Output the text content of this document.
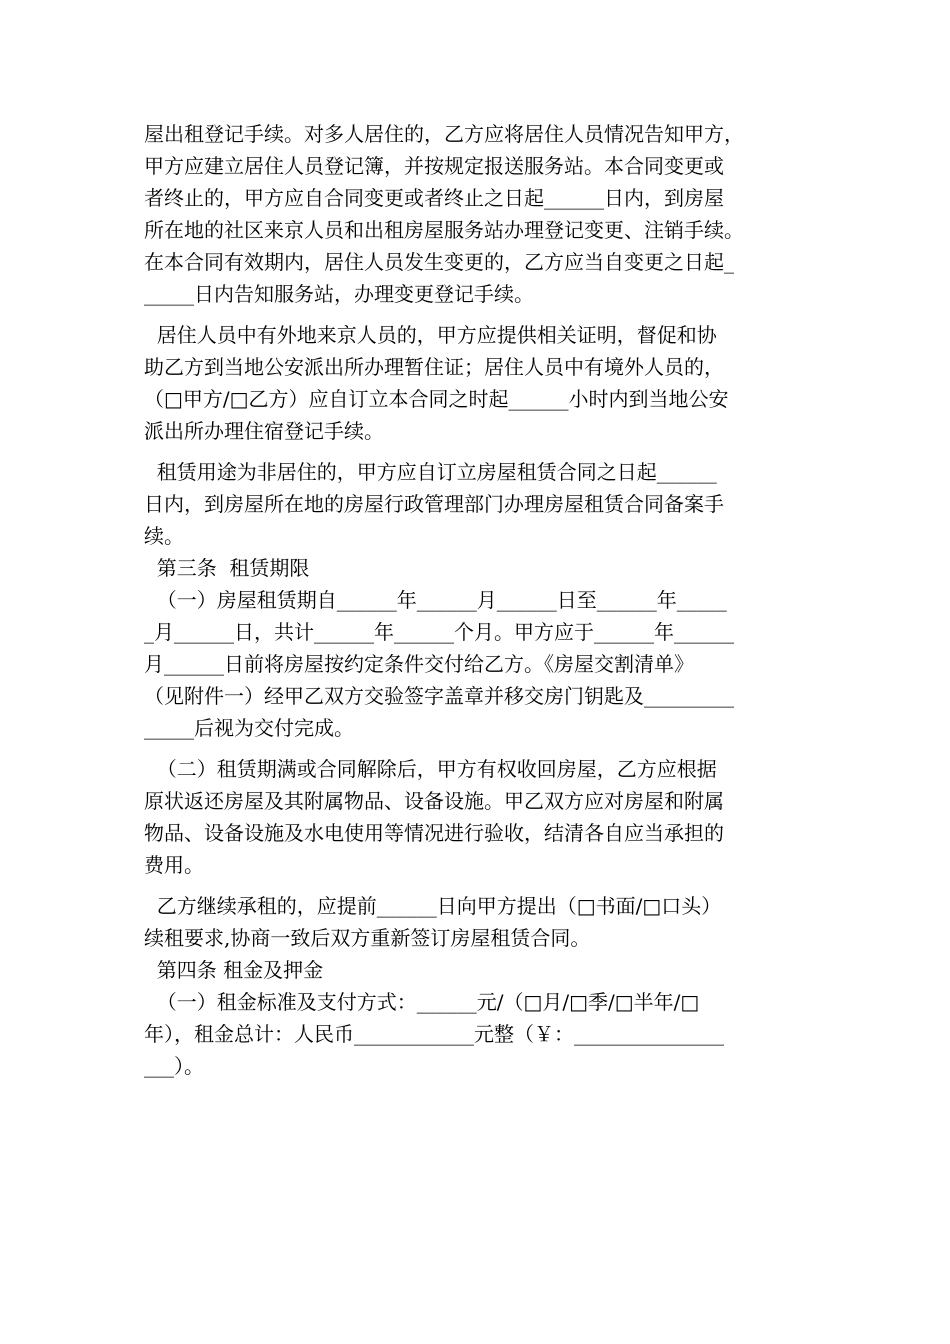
屋出租登记手续。对多人居住的，乙方应将居住人员情况告知甲方，
甲方应建立居住人员登记簿，并按规定报送服务站。本合同变更或
者终止的，甲方应自合同变更或者终止之日起______日内，到房屋
所在地的社区来京人员和出租房屋服务站办理登记变更、注销手续。
在本合同有效期内，居住人员发生变更的，乙方应当自变更之日起_
_____日内告知服务站，办理变更登记手续。
居住人员中有外地来京人员的，甲方应提供相关证明，督促和协
助乙方到当地公安派出所办理暂住证；居住人员中有境外人员的，
（□甲方/□乙方）应自订立本合同之时起______小时内到当地公安
派出所办理住宿登记手续。
租赁用途为非居住的，甲方应自订立房屋租赁合同之日起______
日内，到房屋所在地的房屋行政管理部门办理房屋租赁合同备案手
续。
第三条  租赁期限
（一）房屋租赁期自______年______月______日至______年_____
_月______日，共计______年______个月。甲方应于______年______
月______日前将房屋按约定条件交付给乙方。《房屋交割清单》
（见附件一）经甲乙双方交验签字盖章并移交房门钥匙及_________
_____后视为交付完成。
（二）租赁期满或合同解除后，甲方有权收回房屋，乙方应根据
原状返还房屋及其附属物品、设备设施。甲乙双方应对房屋和附属
物品、设备设施及水电使用等情况进行验收，结清各自应当承担的
费用。
乙方继续承租的，应提前______日向甲方提出（□书面/□口头）
续租要求,协商一致后双方重新签订房屋租赁合同。
第四条 租金及押金
（一）租金标准及支付方式：______元/（□月/□季/□半年/□
年），租金总计：人民币____________元整（￥：_______________
___）。
